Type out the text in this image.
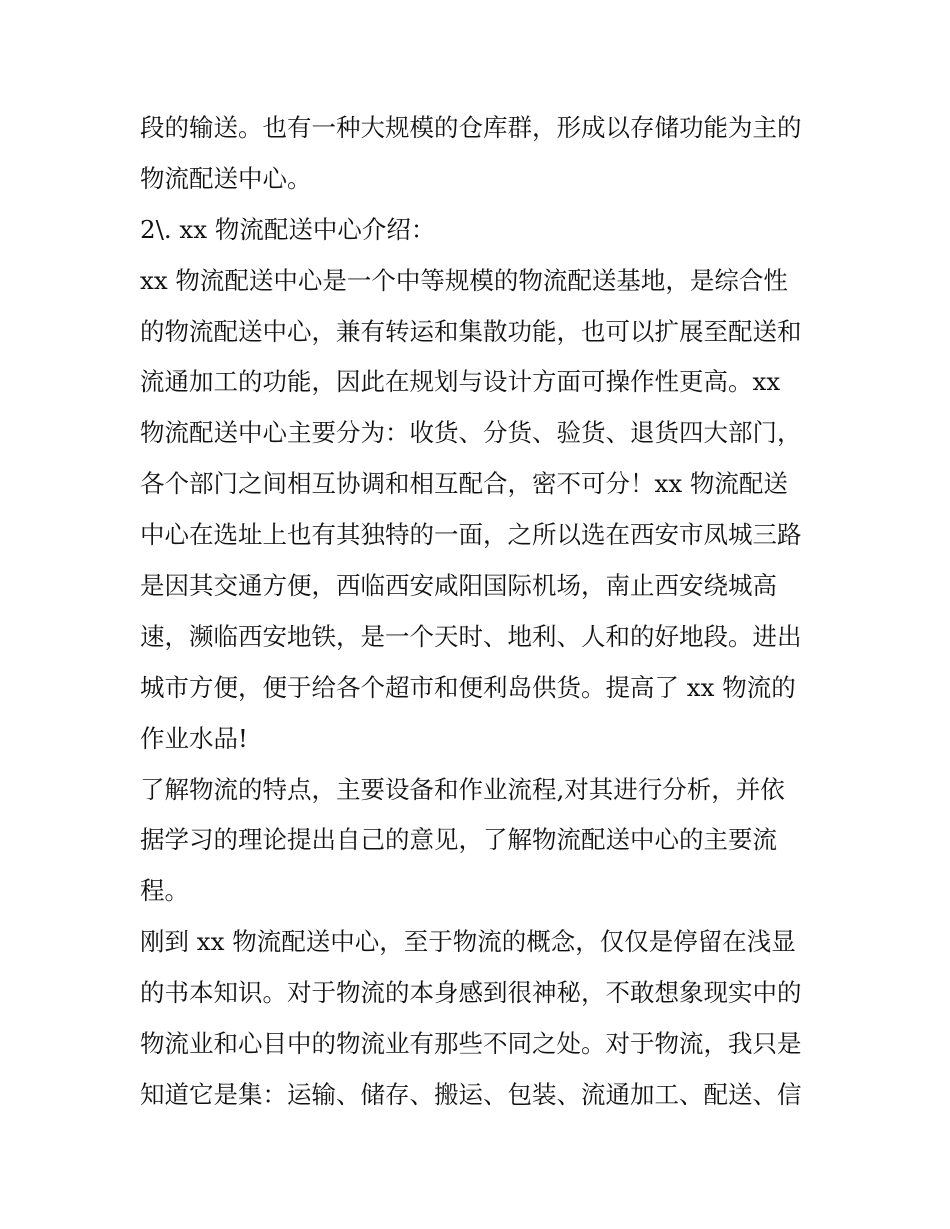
段的输送。也有一种大规模的仓库群，形成以存储功能为主的
物流配送中心。
2\. xx 物流配送中心介绍：
xx 物流配送中心是一个中等规模的物流配送基地，是综合性
的物流配送中心，兼有转运和集散功能，也可以扩展至配送和
流通加工的功能，因此在规划与设计方面可操作性更高。xx
物流配送中心主要分为：收货、分货、验货、退货四大部门，
各个部门之间相互协调和相互配合，密不可分！xx 物流配送
中心在选址上也有其独特的一面，之所以选在西安市凤城三路
是因其交通方便，西临西安咸阳国际机场，南止西安绕城高
速，濒临西安地铁，是一个天时、地利、人和的好地段。进出
城市方便，便于给各个超市和便利岛供货。提高了 xx 物流的
作业水品!
了解物流的特点，主要设备和作业流程,对其进行分析，并依
据学习的理论提出自己的意见，了解物流配送中心的主要流
程。
刚到 xx 物流配送中心，至于物流的概念，仅仅是停留在浅显
的书本知识。对于物流的本身感到很神秘，不敢想象现实中的
物流业和心目中的物流业有那些不同之处。对于物流，我只是
知道它是集：运输、储存、搬运、包装、流通加工、配送、信
